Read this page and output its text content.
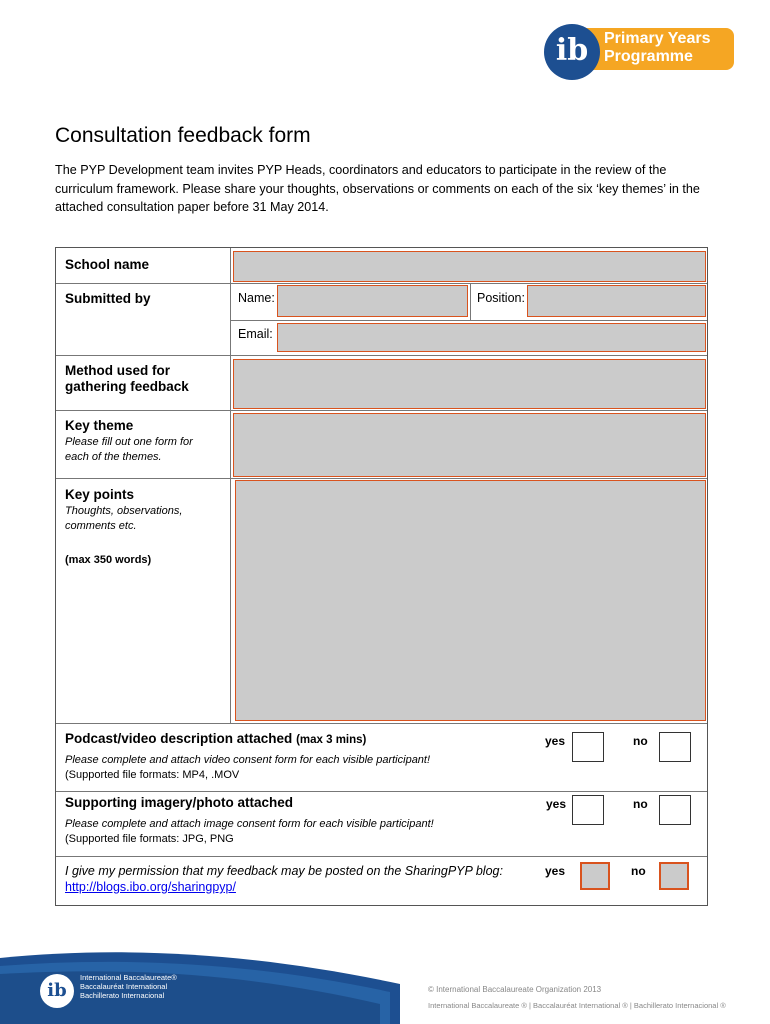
ib Primary Years
Programme
Consultation feedback form
The PYP Development team invites PYP Heads, coordinators and educators to participate in the review of the curriculum framework. Please share your thoughts, observations or comments on each of the six ‘key themes’ in the attached consultation paper before 31 May 2014.
School name
Submitted by	Name:	Position:
Email:
Method used for
gathering feedback
Key theme
Please fill out one form for
each of the themes.
Key points
Thoughts, observations,
comments etc.
(max 350 words)
Podcast/video description attached (max 3 mins)	yes	no
Please complete and attach video consent form for each visible participant!
(Supported file formats: MP4, .MOV
Supporting imagery/photo attached	yes	no
Please complete and attach image consent form for each visible participant!
(Supported file formats: JPG, PNG
I give my permission that my feedback may be posted on the SharingPYP blog:
http://blogs.ibo.org/sharingpyp/
yes	no
ib
International Baccalaureate®
Baccalauréat International
Bachillerato Internacional
© International Baccalaureate Organization 2013
International Baccalaureate ® | Baccalauréat International ® | Bachillerato Internacional ®
